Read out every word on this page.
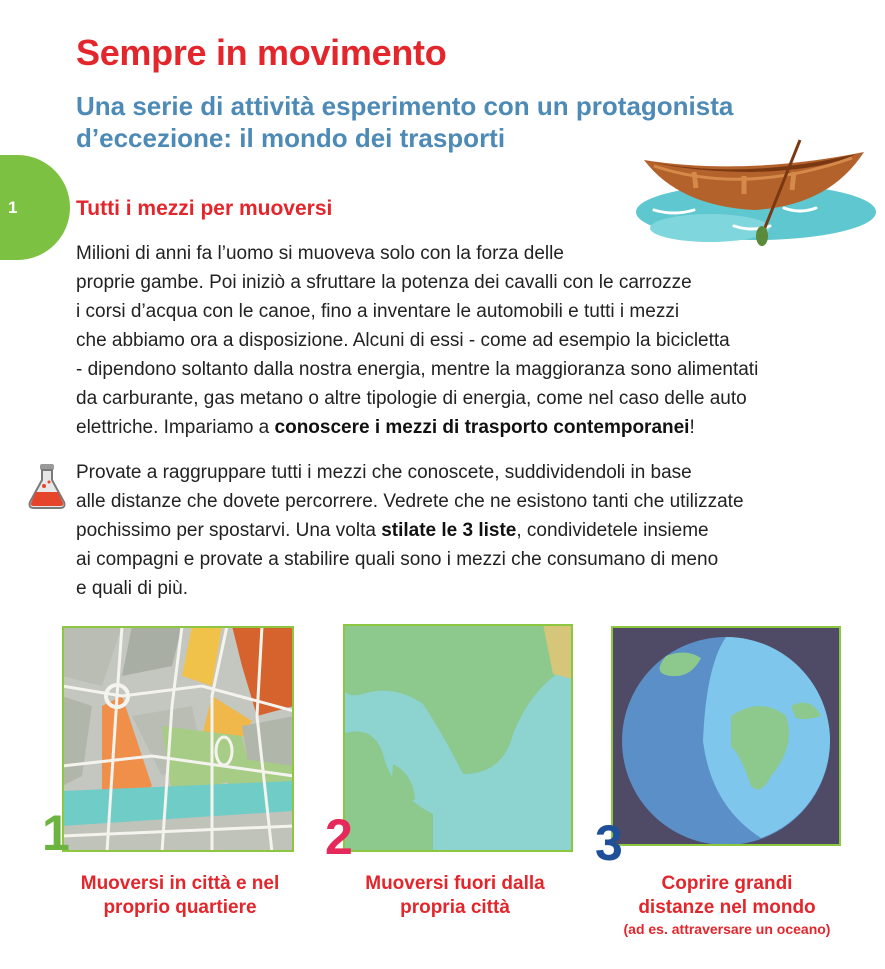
Sempre in movimento
Una serie di attività esperimento con un protagonista
d’eccezione: il mondo dei trasporti
1	Tutti i mezzi per muoversi
Milioni di anni fa l’uomo si muoveva solo con la forza delle
proprie gambe. Poi iniziò a sfruttare la potenza dei cavalli con le carrozze
i corsi d’acqua con le canoe, fino a inventare le automobili e tutti i mezzi
che abbiamo ora a disposizione. Alcuni di essi - come ad esempio la bicicletta
- dipendono soltanto dalla nostra energia, mentre la maggioranza sono alimentati
da carburante, gas metano o altre tipologie di energia, come nel caso delle auto
elettriche. Impariamo a conoscere i mezzi di trasporto contemporanei!
Provate a raggruppare tutti i mezzi che conoscete, suddividendoli in base
alle distanze che dovete percorrere. Vedrete che ne esistono tanti che utilizzate
pochissimo per spostarvi. Una volta stilate le 3 liste, condividetele insieme
ai compagni e provate a stabilire quali sono i mezzi che consumano di meno
e quali di più.
1
Muoversi in città e nel
proprio quartiere
2
Muoversi fuori dalla
propria città
3
Coprire grandi
distanze nel mondo
(ad es. attraversare un oceano)
